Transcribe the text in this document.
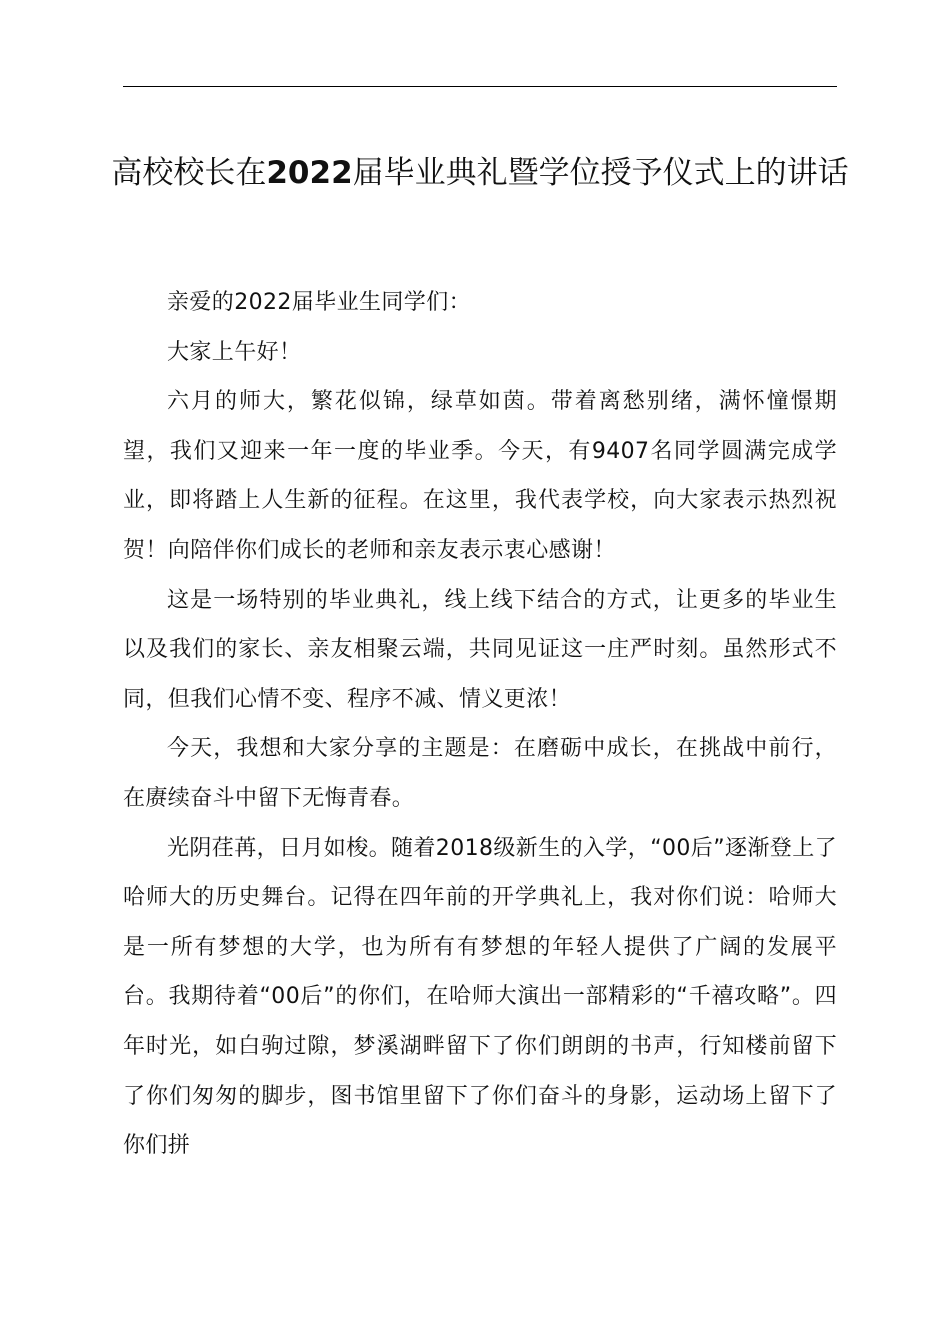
高校校长在2022届毕业典礼暨学位授予仪式上的讲话

亲爱的2022届毕业生同学们：

大家上午好！

六月的师大，繁花似锦，绿草如茵。带着离愁别绪，满怀憧憬期望，我们又迎来一年一度的毕业季。今天，有9407名同学圆满完成学业，即将踏上人生新的征程。在这里，我代表学校，向大家表示热烈祝贺！向陪伴你们成长的老师和亲友表示衷心感谢！

这是一场特别的毕业典礼，线上线下结合的方式，让更多的毕业生以及我们的家长、亲友相聚云端，共同见证这一庄严时刻。虽然形式不同，但我们心情不变、程序不减、情义更浓！

今天，我想和大家分享的主题是：在磨砺中成长，在挑战中前行，在赓续奋斗中留下无悔青春。

光阴荏苒，日月如梭。随着2018级新生的入学，“00后”逐渐登上了哈师大的历史舞台。记得在四年前的开学典礼上，我对你们说：哈师大是一所有梦想的大学，也为所有有梦想的年轻人提供了广阔的发展平台。我期待着“00后”的你们，在哈师大演出一部精彩的“千禧攻略”。四年时光，如白驹过隙，梦溪湖畔留下了你们朗朗的书声，行知楼前留下了你们匆匆的脚步，图书馆里留下了你们奋斗的身影，运动场上留下了你们拼
